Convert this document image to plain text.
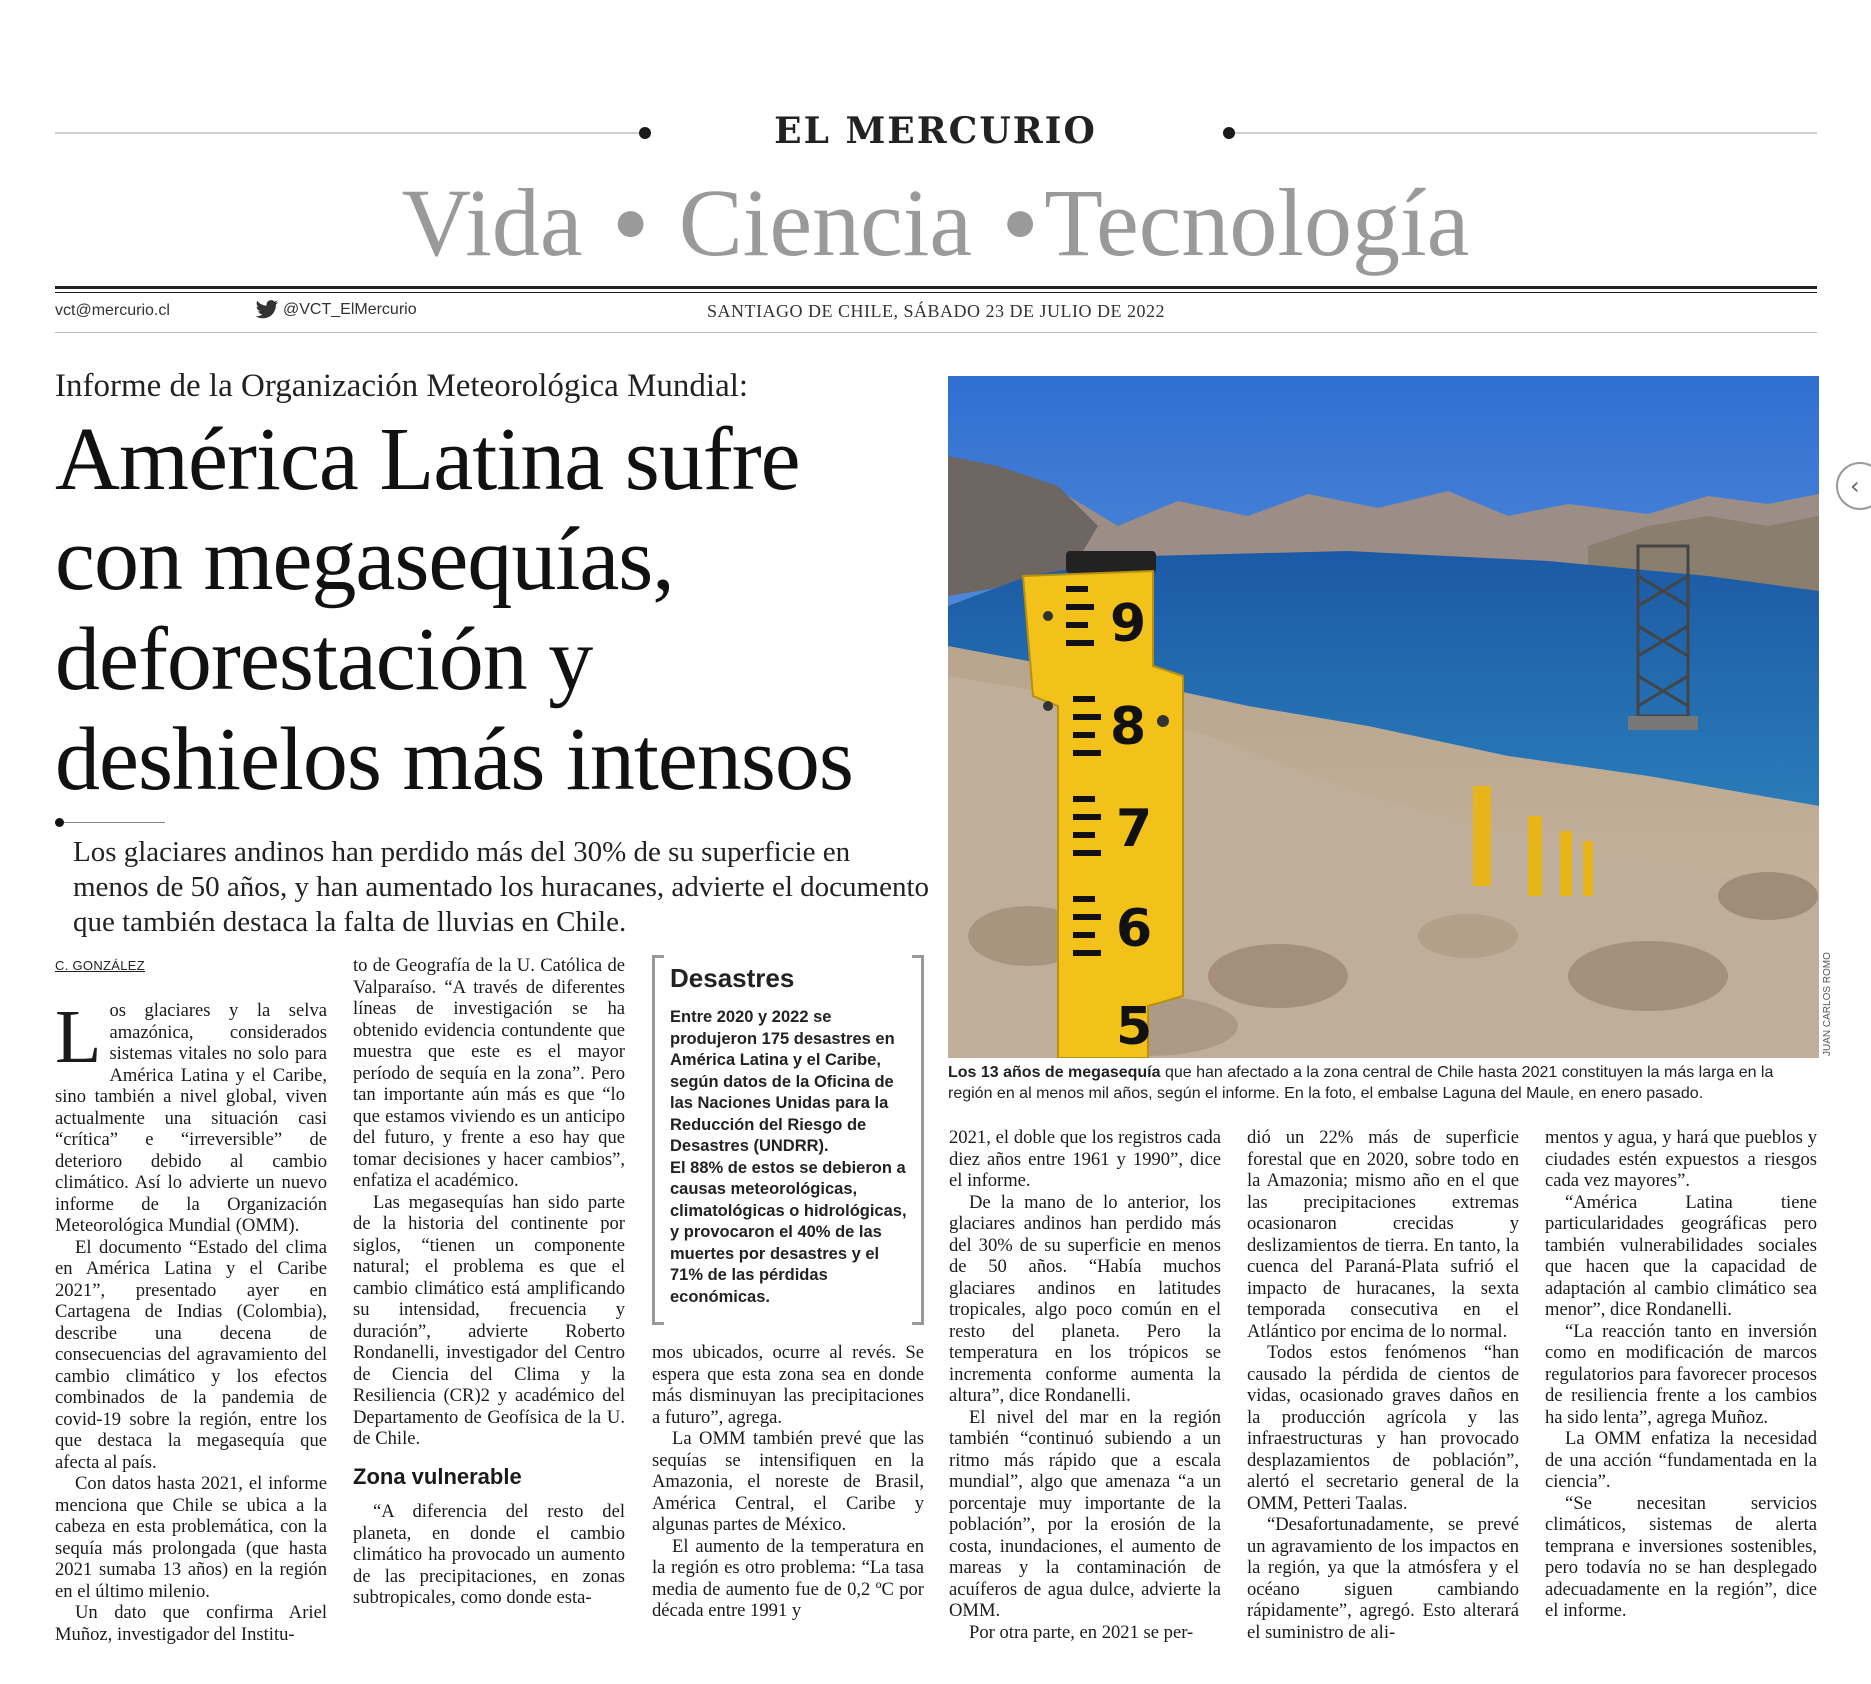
EL MERCURIO
Vida ● Ciencia ●Tecnología
vct@mercurio.cl	@VCT_ElMercurio	SANTIAGO DE CHILE, SÁBADO 23 DE JULIO DE 2022
Informe de la Organización Meteorológica Mundial:
América Latina sufre
con megasequías,
deforestación y
deshielos más intensos
Los glaciares andinos han perdido más del 30% de su superficie en menos de 50 años, y han aumentado los huracanes, advierte el documento que también destaca la falta de lluvias en Chile.
9
8
7
6
5	JUAN CARLOS ROMO
Los 13 años de megasequía que han afectado a la zona central de Chile hasta 2021 constituyen la más larga en la región en al menos mil años, según el informe. En la foto, el embalse Laguna del Maule, en enero pasado.
‹
C. GONZÁLEZ

Los glaciares y la selva amazónica, considerados sistemas vitales no solo para América Latina y el Caribe, sino también a nivel global, viven actualmente una situación casi “crítica” e “irreversible” de deterioro debido al cambio climático. Así lo advierte un nuevo informe de la Organización Meteorológica Mundial (OMM).

El documento “Estado del clima en América Latina y el Caribe 2021”, presentado ayer en Cartagena de Indias (Colombia), describe una decena de consecuencias del agravamiento del cambio climático y los efectos combinados de la pandemia de covid-19 sobre la región, entre los que destaca la megasequía que afecta al país.

Con datos hasta 2021, el informe menciona que Chile se ubica a la cabeza en esta problemática, con la sequía más prolongada (que hasta 2021 sumaba 13 años) en la región en el último milenio.

Un dato que confirma Ariel Muñoz, investigador del Institu-

to de Geografía de la U. Católica de Valparaíso. “A través de diferentes líneas de investigación se ha obtenido evidencia contundente que muestra que este es el mayor período de sequía en la zona”. Pero tan importante aún más es que “lo que estamos viviendo es un anticipo del futuro, y frente a eso hay que tomar decisiones y hacer cambios”, enfatiza el académico.

Las megasequías han sido parte de la historia del continente por siglos, “tienen un componente natural; el problema es que el cambio climático está amplificando su intensidad, frecuencia y duración”, advierte Roberto Rondanelli, investigador del Centro de Ciencia del Clima y la Resiliencia (CR)2 y académico del Departamento de Geofísica de la U. de Chile.

Zona vulnerable

“A diferencia del resto del planeta, en donde el cambio climático ha provocado un aumento de las precipitaciones, en zonas subtropicales, como donde esta-

Desastres
Entre 2020 y 2022 se produjeron 175 desastres en América Latina y el Caribe, según datos de la Oficina de las Naciones Unidas para la Reducción del Riesgo de Desastres (UNDRR).
El 88% de estos se debieron a causas meteorológicas, climatológicas o hidrológicas, y provocaron el 40% de las muertes por desastres y el 71% de las pérdidas económicas.

mos ubicados, ocurre al revés. Se espera que esta zona sea en donde más disminuyan las precipitaciones a futuro”, agrega.

La OMM también prevé que las sequías se intensifiquen en la Amazonia, el noreste de Brasil, América Central, el Caribe y algunas partes de México.

El aumento de la temperatura en la región es otro problema: “La tasa media de aumento fue de 0,2 ºC por década entre 1991 y

2021, el doble que los registros cada diez años entre 1961 y 1990”, dice el informe.

De la mano de lo anterior, los glaciares andinos han perdido más del 30% de su superficie en menos de 50 años. “Había muchos glaciares andinos en latitudes tropicales, algo poco común en el resto del planeta. Pero la temperatura en los trópicos se incrementa conforme aumenta la altura”, dice Rondanelli.

El nivel del mar en la región también “continuó subiendo a un ritmo más rápido que a escala mundial”, algo que amenaza “a un porcentaje muy importante de la población”, por la erosión de la costa, inundaciones, el aumento de mareas y la contaminación de acuíferos de agua dulce, advierte la OMM.

Por otra parte, en 2021 se per-

dió un 22% más de superficie forestal que en 2020, sobre todo en la Amazonia; mismo año en el que las precipitaciones extremas ocasionaron crecidas y deslizamientos de tierra. En tanto, la cuenca del Paraná-Plata sufrió el impacto de huracanes, la sexta temporada consecutiva en el Atlántico por encima de lo normal.

Todos estos fenómenos “han causado la pérdida de cientos de vidas, ocasionado graves daños en la producción agrícola y las infraestructuras y han provocado desplazamientos de población”, alertó el secretario general de la OMM, Petteri Taalas.

“Desafortunadamente, se prevé un agravamiento de los impactos en la región, ya que la atmósfera y el océano siguen cambiando rápidamente”, agregó. Esto alterará el suministro de ali-

mentos y agua, y hará que pueblos y ciudades estén expuestos a riesgos cada vez mayores”.

“América Latina tiene particularidades geográficas pero también vulnerabilidades sociales que hacen que la capacidad de adaptación al cambio climático sea menor”, dice Rondanelli.

“La reacción tanto en inversión como en modificación de marcos regulatorios para favorecer procesos de resiliencia frente a los cambios ha sido lenta”, agrega Muñoz.

La OMM enfatiza la necesidad de una acción “fundamentada en la ciencia”.

“Se necesitan servicios climáticos, sistemas de alerta temprana e inversiones sostenibles, pero todavía no se han desplegado adecuadamente en la región”, dice el informe.
